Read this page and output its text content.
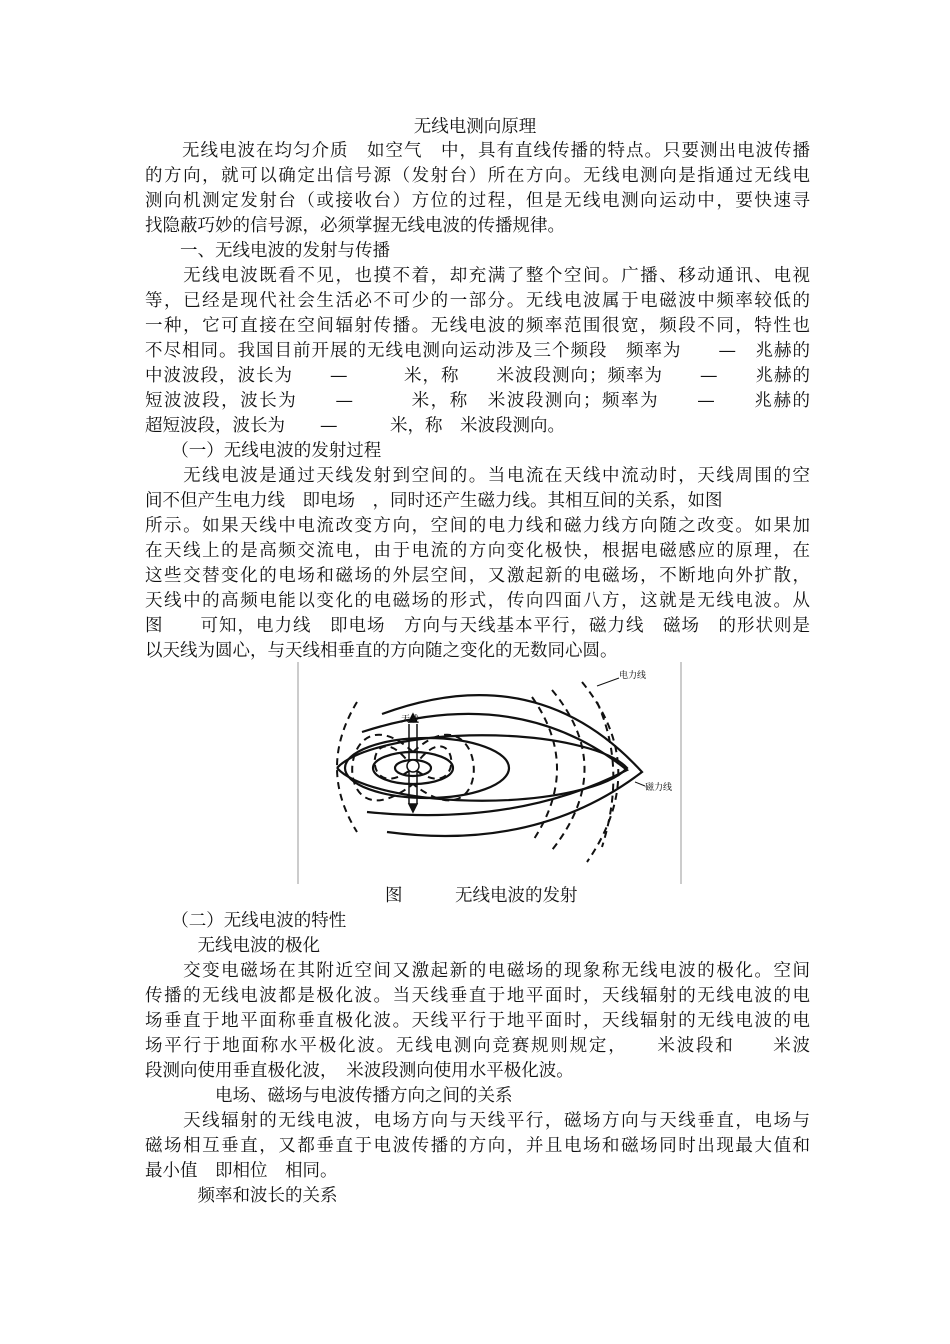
无线电测向原理
　　无线电波在均匀介质　如空气　中，具有直线传播的特点。只要测出电波传播
的方向，就可以确定出信号源（发射台）所在方向。无线电测向是指通过无线电
测向机测定发射台（或接收台）方位的过程，但是无线电测向运动中，要快速寻
找隐蔽巧妙的信号源，必须掌握无线电波的传播规律。
　　一、无线电波的发射与传播
　　无线电波既看不见，也摸不着，却充满了整个空间。广播、移动通讯、电视
等，已经是现代社会生活必不可少的一部分。无线电波属于电磁波中频率较低的
一种，它可直接在空间辐射传播。无线电波的频率范围很宽，频段不同，特性也
不尽相同。我国目前开展的无线电测向运动涉及三个频段　频率为　　—　兆赫的
中波波段，波长为　　—　　　米，称　　米波段测向；频率为　　—　　兆赫的
短波波段，波长为　　—　　　米，称　米波段测向；频率为　　—　　兆赫的
超短波段，波长为　　—　　　米，称　米波段测向。
　　（一）无线电波的发射过程
　　无线电波是通过天线发射到空间的。当电流在天线中流动时，天线周围的空
间不但产生电力线　即电场　，同时还产生磁力线。其相互间的关系，如图
所示。如果天线中电流改变方向，空间的电力线和磁力线方向随之改变。如果加
在天线上的是高频交流电，由于电流的方向变化极快，根据电磁感应的原理，在
这些交替变化的电场和磁场的外层空间，又激起新的电磁场，不断地向外扩散，
天线中的高频电能以变化的电磁场的形式，传向四面八方，这就是无线电波。从
图　　可知，电力线　即电场　方向与天线基本平行，磁力线　磁场　的形状则是
以天线为圆心，与天线相垂直的方向随之变化的无数同心圆。
天线
电力线
磁力线
图　　　无线电波的发射
　　（二）无线电波的特性
　　　无线电波的极化
　　交变电磁场在其附近空间又激起新的电磁场的现象称无线电波的极化。空间
传播的无线电波都是极化波。当天线垂直于地平面时，天线辐射的无线电波的电
场垂直于地平面称垂直极化波。天线平行于地平面时，天线辐射的无线电波的电
场平行于地面称水平极化波。无线电测向竞赛规则规定，　　米波段和　　米波
段测向使用垂直极化波，　米波段测向使用水平极化波。
　　　　电场、磁场与电波传播方向之间的关系
　　天线辐射的无线电波，电场方向与天线平行，磁场方向与天线垂直，电场与
磁场相互垂直，又都垂直于电波传播的方向，并且电场和磁场同时出现最大值和
最小值　即相位　相同。
　　　频率和波长的关系
